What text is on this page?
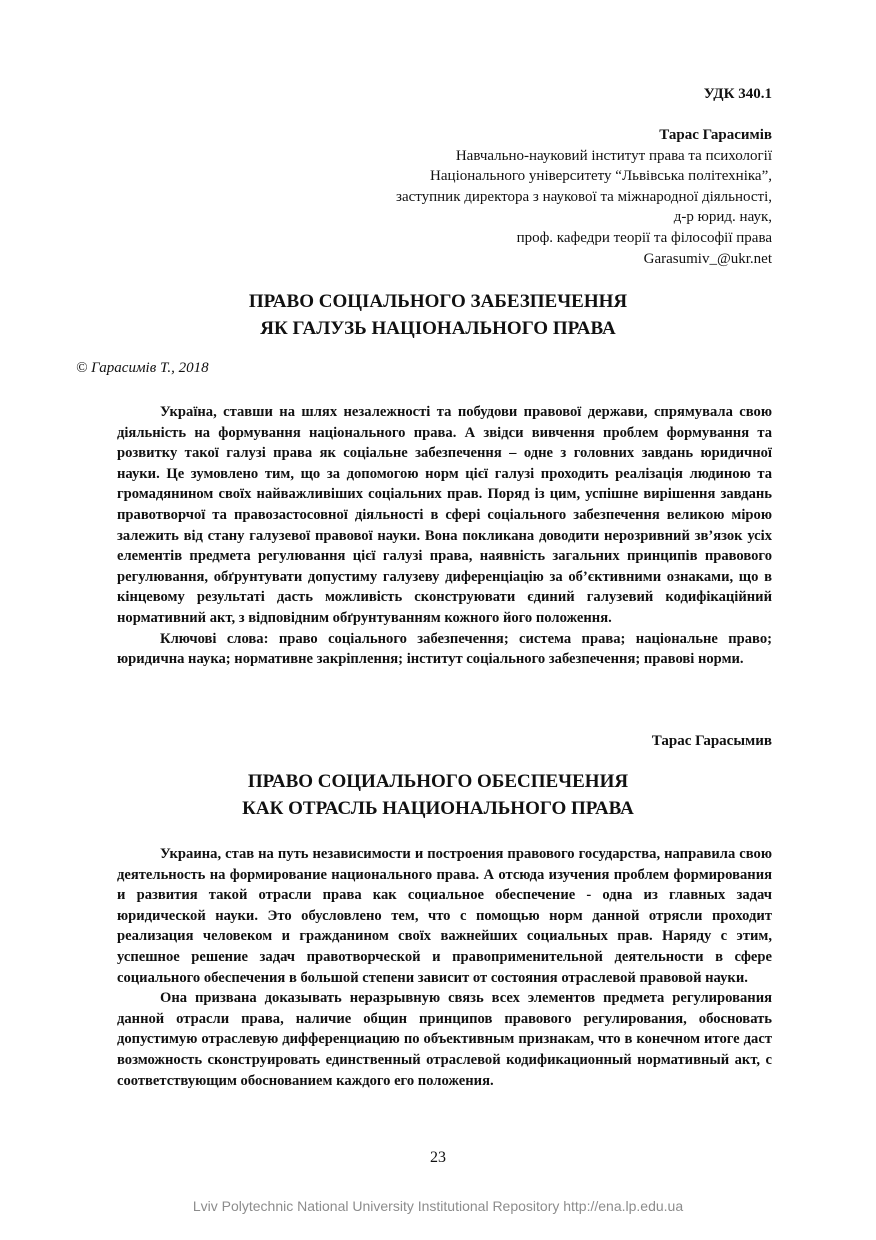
УДК 340.1
Тарас Гарасимів
Навчально-науковий інститут права та психології
Національного університету “Львівська політехніка”,
заступник директора з наукової та міжнародної діяльності,
д-р юрид. наук,
проф. кафедри теорії та філософії права
Garasumiv_@ukr.net
ПРАВО СОЦІАЛЬНОГО ЗАБЕЗПЕЧЕННЯ
ЯК ГАЛУЗЬ НАЦІОНАЛЬНОГО ПРАВА
© Гарасимів Т., 2018

Україна, ставши на шлях незалежності та побудови правової держави, спрямувала свою діяльність на формування національного права. А звідси вивчення проблем формування та розвитку такої галузі права як соціальне забезпечення – одне з головних завдань юридичної науки. Це зумовлено тим, що за допомогою норм цієї галузі проходить реалізація людиною та громадянином своїх найважливіших соціальних прав. Поряд із цим, успішне вирішення завдань правотворчої та правозастосовної діяльності в сфері соціального забезпечення великою мірою залежить від стану галузевої правової науки. Вона покликана доводити нерозривний зв’язок усіх елементів предмета регулювання цієї галузі права, наявність загальних принципів правового регулювання, обґрунтувати допустиму галузеву диференціацію за об’єктивними ознаками, що в кінцевому результаті дасть можливість сконструювати єдиний галузевий кодифікаційний нормативний акт, з відповідним обґрунтуванням кожного його положення.

Ключові слова: право соціального забезпечення; система права; національне право; юридична наука; нормативне закріплення; інститут соціального забезпечення; правові норми.

Тарас Гарасымив
ПРАВО СОЦИАЛЬНОГО ОБЕСПЕЧЕНИЯ
КАК ОТРАСЛЬ НАЦИОНАЛЬНОГО ПРАВА

Украина, став на путь независимости и построения правового государства, направила свою деятельность на формирование национального права. А отсюда изучения проблем формирования и развития такой отрасли права как социальное обеспечение - одна из главных задач юридической науки. Это обусловлено тем, что с помощью норм данной отрясли проходит реализация человеком и гражданином своїх важнейших социальных прав. Наряду с этим, успешное решение задач правотворческой и правоприменительной деятельности в сфере социального обеспечения в большой степени зависит от состояния отраслевой правовой науки.

Она призвана доказывать неразрывную связь всех элементов предмета регулирования данной отрасли права, наличие общин принципов правового регулирования, обосновать допустимую отраслевую дифференциацию по объективным признакам, что в конечном итоге даст возможность сконструировать единственный отраслевой кодификационный нормативный акт, с соответствующим обоснованием каждого его положения.

23
Lviv Polytechnic National University Institutional Repository http://ena.lp.edu.ua
